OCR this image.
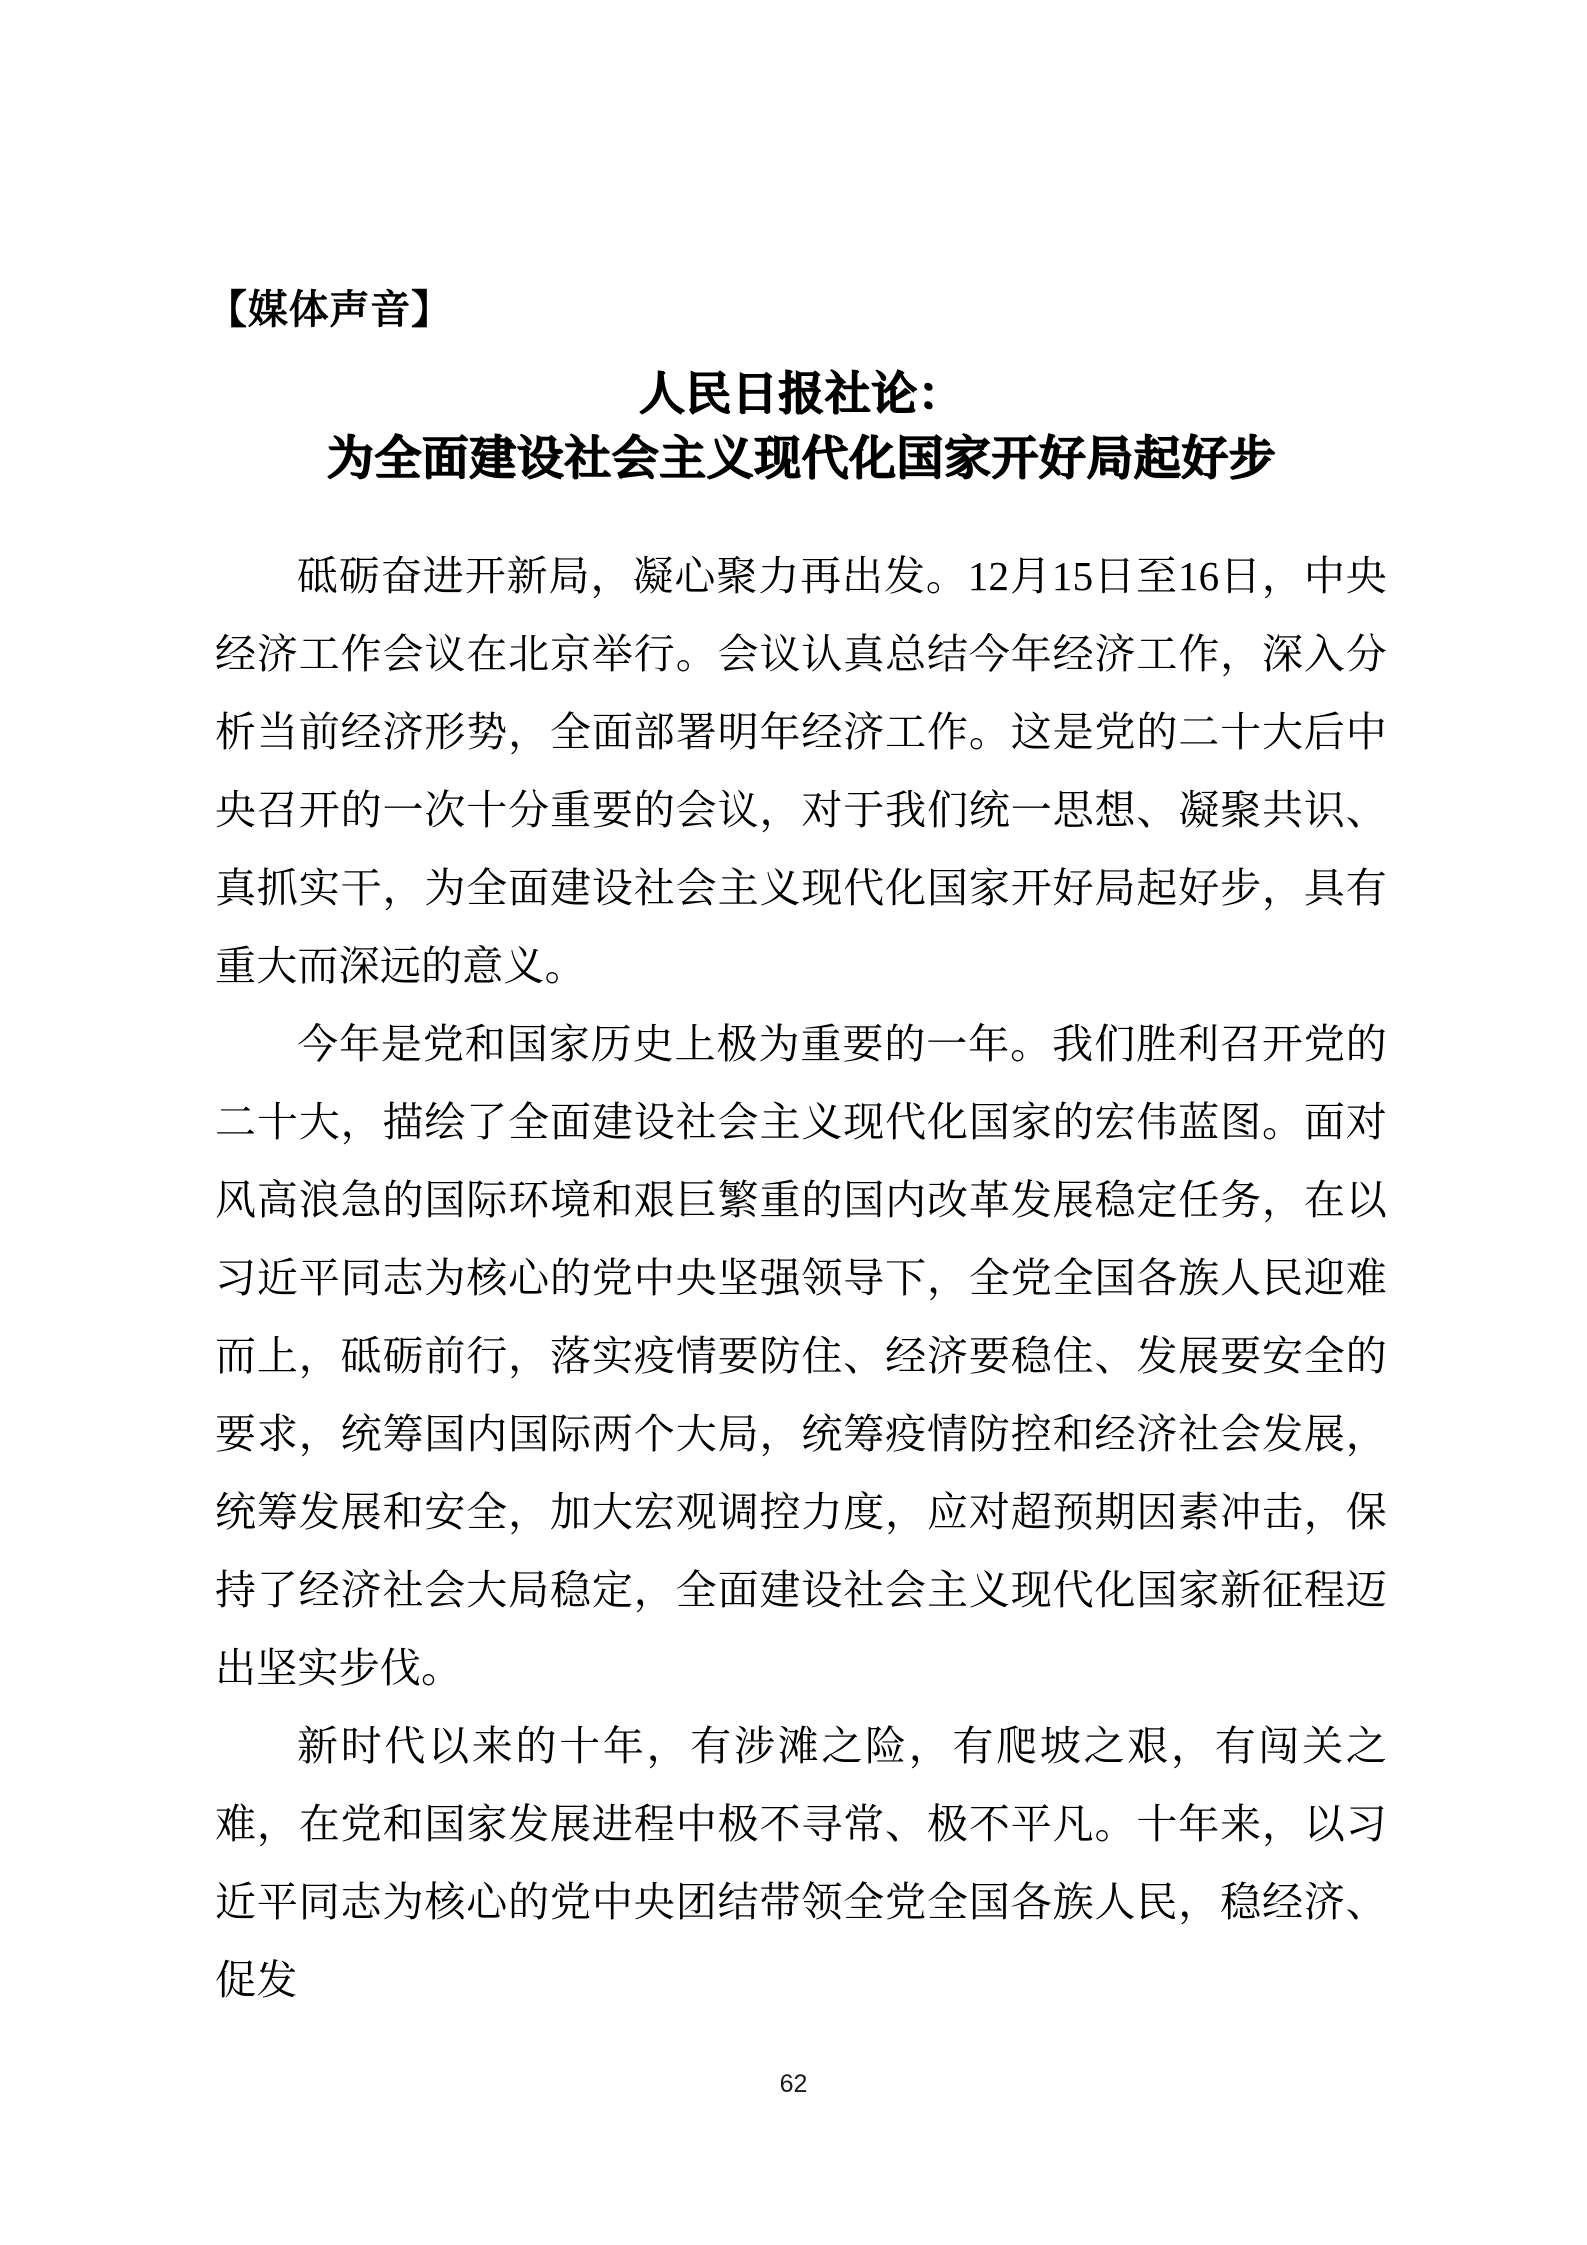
【媒体声音】
人民日报社论：
为全面建设社会主义现代化国家开好局起好步

砥砺奋进开新局，凝心聚力再出发。12月15日至16日，中央经济工作会议在北京举行。会议认真总结今年经济工作，深入分析当前经济形势，全面部署明年经济工作。这是党的二十大后中央召开的一次十分重要的会议，对于我们统一思想、凝聚共识、真抓实干，为全面建设社会主义现代化国家开好局起好步，具有重大而深远的意义。

今年是党和国家历史上极为重要的一年。我们胜利召开党的二十大，描绘了全面建设社会主义现代化国家的宏伟蓝图。面对风高浪急的国际环境和艰巨繁重的国内改革发展稳定任务，在以习近平同志为核心的党中央坚强领导下，全党全国各族人民迎难而上，砥砺前行，落实疫情要防住、经济要稳住、发展要安全的要求，统筹国内国际两个大局，统筹疫情防控和经济社会发展，统筹发展和安全，加大宏观调控力度，应对超预期因素冲击，保持了经济社会大局稳定，全面建设社会主义现代化国家新征程迈出坚实步伐。

新时代以来的十年，有涉滩之险，有爬坡之艰，有闯关之难，在党和国家发展进程中极不寻常、极不平凡。十年来，以习近平同志为核心的党中央团结带领全党全国各族人民，稳经济、促发

62
